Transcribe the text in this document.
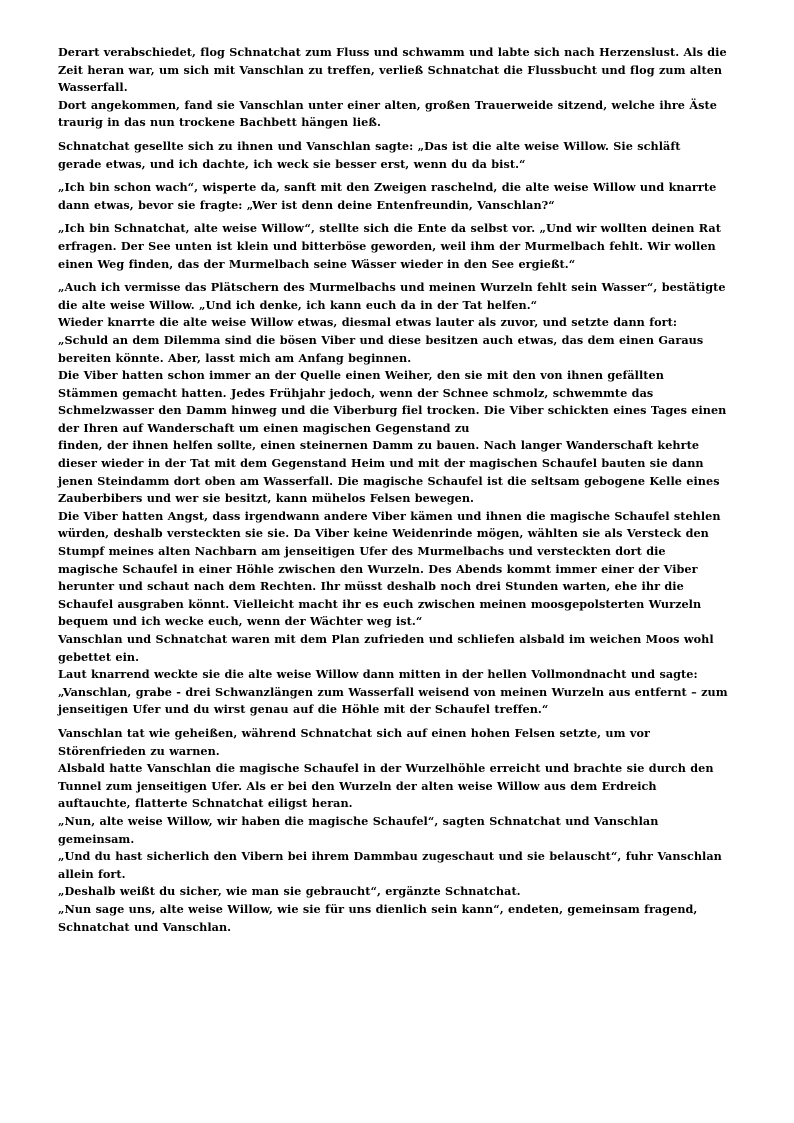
Derart verabschiedet, flog Schnatchat zum Fluss und schwamm und labte sich nach Herzenslust. Als die Zeit heran war, um sich mit Vanschlan zu treffen, verließ Schnatchat die Flussbucht und flog zum alten Wasserfall.

Dort angekommen, fand sie Vanschlan unter einer alten, großen Trauerweide sitzend, welche ihre Äste traurig in das nun trockene Bachbett hängen ließ.

Schnatchat gesellte sich zu ihnen und Vanschlan sagte: „Das ist die alte weise Willow. Sie schläft gerade etwas, und ich dachte, ich weck sie besser erst, wenn du da bist.“

„Ich bin schon wach“, wisperte da, sanft mit den Zweigen raschelnd, die alte weise Willow und knarrte dann etwas, bevor sie fragte: „Wer ist denn deine Entenfreundin, Vanschlan?“

„Ich bin Schnatchat, alte weise Willow“, stellte sich die Ente da selbst vor. „Und wir wollten deinen Rat erfragen. Der See unten ist klein und bitterböse geworden, weil ihm der Murmelbach fehlt. Wir wollen einen Weg finden, das der Murmelbach seine Wässer wieder in den See ergießt.“

„Auch ich vermisse das Plätschern des Murmelbachs und meinen Wurzeln fehlt sein Wasser“, bestätigte die alte weise Willow. „Und ich denke, ich kann euch da in der Tat helfen.“

Wieder knarrte die alte weise Willow etwas, diesmal etwas lauter als zuvor, und setzte dann fort: „Schuld an dem Dilemma sind die bösen Viber und diese besitzen auch etwas, das dem einen Garaus bereiten könnte. Aber, lasst mich am Anfang beginnen.

Die Viber hatten schon immer an der Quelle einen Weiher, den sie mit den von ihnen gefällten Stämmen gemacht hatten. Jedes Frühjahr jedoch, wenn der Schnee schmolz, schwemmte das Schmelzwasser den Damm hinweg und die Viberburg fiel trocken. Die Viber schickten eines Tages einen der Ihren auf Wanderschaft um einen magischen Gegenstand zu

finden, der ihnen helfen sollte, einen steinernen Damm zu bauen. Nach langer Wanderschaft kehrte dieser wieder in der Tat mit dem Gegenstand Heim und mit der magischen Schaufel bauten sie dann jenen Steindamm dort oben am Wasserfall. Die magische Schaufel ist die seltsam gebogene Kelle eines Zauberbibers und wer sie besitzt, kann mühelos Felsen bewegen.

Die Viber hatten Angst, dass irgendwann andere Viber kämen und ihnen die magische Schaufel stehlen würden, deshalb versteckten sie sie. Da Viber keine Weidenrinde mögen, wählten sie als Versteck den Stumpf meines alten Nachbarn am jenseitigen Ufer des Murmelbachs und versteckten dort die magische Schaufel in einer Höhle zwischen den Wurzeln. Des Abends kommt immer einer der Viber herunter und schaut nach dem Rechten. Ihr müsst deshalb noch drei Stunden warten, ehe ihr die Schaufel ausgraben könnt. Vielleicht macht ihr es euch zwischen meinen moosgepolsterten Wurzeln bequem und ich wecke euch, wenn der Wächter weg ist.“

Vanschlan und Schnatchat waren mit dem Plan zufrieden und schliefen alsbald im weichen Moos wohl gebettet ein.

Laut knarrend weckte sie die alte weise Willow dann mitten in der hellen Vollmondnacht und sagte: „Vanschlan, grabe - drei Schwanzlängen zum Wasserfall weisend von meinen Wurzeln aus entfernt – zum jenseitigen Ufer und du wirst genau auf die Höhle mit der Schaufel treffen.“

Vanschlan tat wie geheißen, während Schnatchat sich auf einen hohen Felsen setzte, um vor Störenfrieden zu warnen.

Alsbald hatte Vanschlan die magische Schaufel in der Wurzelhöhle erreicht und brachte sie durch den Tunnel zum jenseitigen Ufer. Als er bei den Wurzeln der alten weise Willow aus dem Erdreich auftauchte, flatterte Schnatchat eiligst heran.

„Nun, alte weise Willow, wir haben die magische Schaufel“, sagten Schnatchat und Vanschlan gemeinsam.

„Und du hast sicherlich den Vibern bei ihrem Dammbau zugeschaut und sie belauscht“, fuhr Vanschlan allein fort.

„Deshalb weißt du sicher, wie man sie gebraucht“, ergänzte Schnatchat.

„Nun sage uns, alte weise Willow, wie sie für uns dienlich sein kann“, endeten, gemeinsam fragend, Schnatchat und Vanschlan.
